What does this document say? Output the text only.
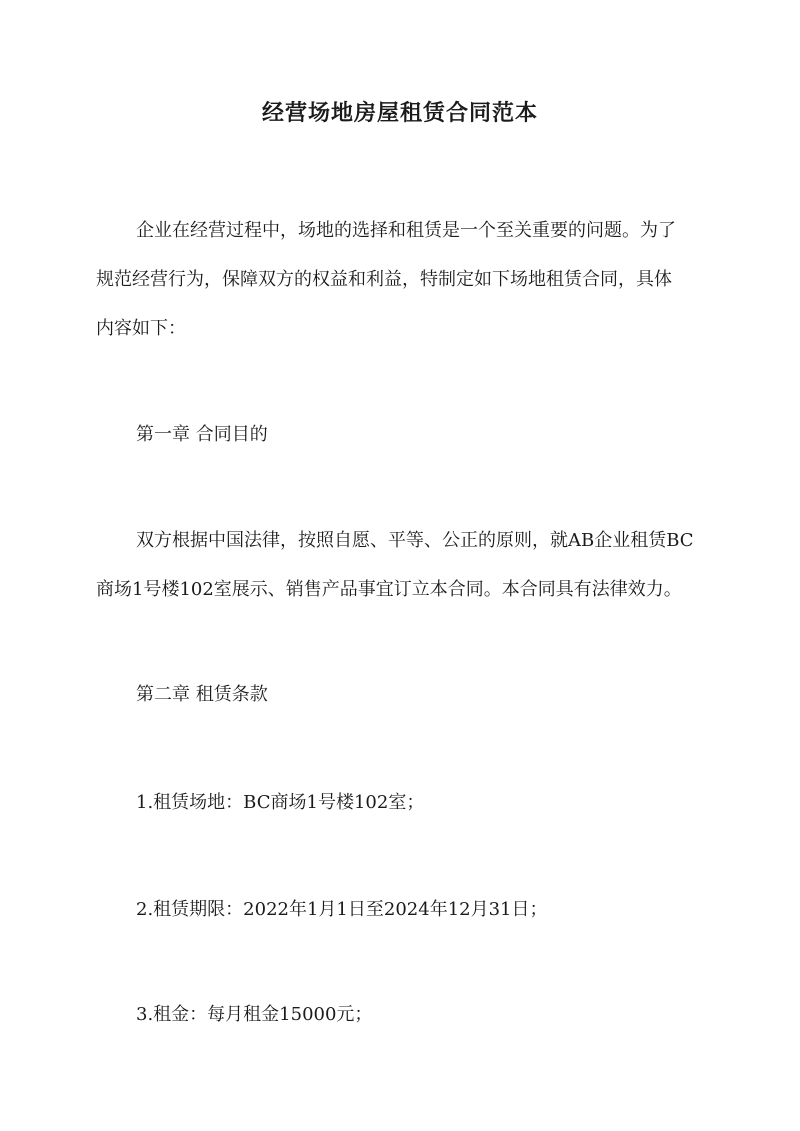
经营场地房屋租赁合同范本
企业在经营过程中，场地的选择和租赁是一个至关重要的问题。为了
规范经营行为，保障双方的权益和利益，特制定如下场地租赁合同，具体
内容如下：
第一章 合同目的
双方根据中国法律，按照自愿、平等、公正的原则，就AB企业租赁BC
商场1号楼102室展示、销售产品事宜订立本合同。本合同具有法律效力。
第二章 租赁条款
1.租赁场地：BC商场1号楼102室；
2.租赁期限：2022年1月1日至2024年12月31日；
3.租金：每月租金15000元；
